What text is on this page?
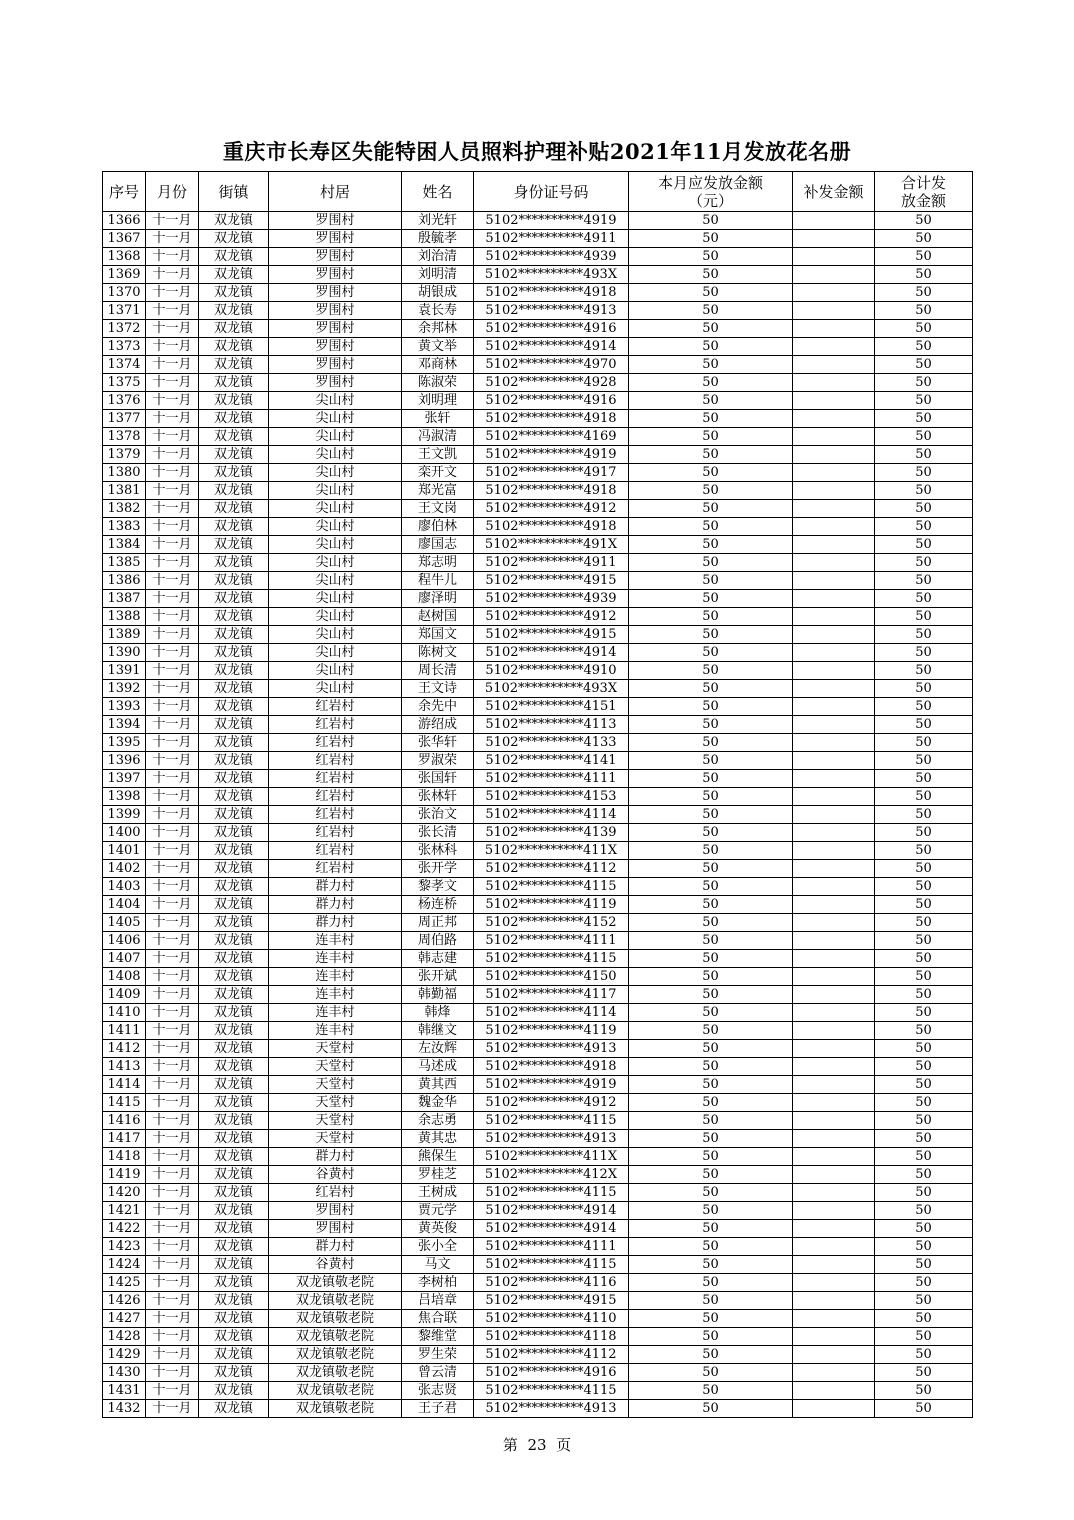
重庆市长寿区失能特困人员照料护理补贴2021年11月发放花名册
序号	月份	街镇	村居	姓名	身份证号码	本月应发放金额（元）	补发金额	合计发放金额
1366	十一月	双龙镇	罗围村	刘光轩	5102**********4919	50		50
1367	十一月	双龙镇	罗围村	殷毓孝	5102**********4911	50		50
1368	十一月	双龙镇	罗围村	刘治清	5102**********4939	50		50
1369	十一月	双龙镇	罗围村	刘明清	5102**********493X	50		50
1370	十一月	双龙镇	罗围村	胡银成	5102**********4918	50		50
1371	十一月	双龙镇	罗围村	袁长寿	5102**********4913	50		50
1372	十一月	双龙镇	罗围村	余邦林	5102**********4916	50		50
1373	十一月	双龙镇	罗围村	黄文举	5102**********4914	50		50
1374	十一月	双龙镇	罗围村	邓商林	5102**********4970	50		50
1375	十一月	双龙镇	罗围村	陈淑荣	5102**********4928	50		50
1376	十一月	双龙镇	尖山村	刘明理	5102**********4916	50		50
1377	十一月	双龙镇	尖山村	张轩	5102**********4918	50		50
1378	十一月	双龙镇	尖山村	冯淑清	5102**********4169	50		50
1379	十一月	双龙镇	尖山村	王文凯	5102**********4919	50		50
1380	十一月	双龙镇	尖山村	栾开文	5102**********4917	50		50
1381	十一月	双龙镇	尖山村	郑光富	5102**********4918	50		50
1382	十一月	双龙镇	尖山村	王文岗	5102**********4912	50		50
1383	十一月	双龙镇	尖山村	廖伯林	5102**********4918	50		50
1384	十一月	双龙镇	尖山村	廖国志	5102**********491X	50		50
1385	十一月	双龙镇	尖山村	郑志明	5102**********4911	50		50
1386	十一月	双龙镇	尖山村	程牛儿	5102**********4915	50		50
1387	十一月	双龙镇	尖山村	廖泽明	5102**********4939	50		50
1388	十一月	双龙镇	尖山村	赵树国	5102**********4912	50		50
1389	十一月	双龙镇	尖山村	郑国文	5102**********4915	50		50
1390	十一月	双龙镇	尖山村	陈树文	5102**********4914	50		50
1391	十一月	双龙镇	尖山村	周长清	5102**********4910	50		50
1392	十一月	双龙镇	尖山村	王文诗	5102**********493X	50		50
1393	十一月	双龙镇	红岩村	余先中	5102**********4151	50		50
1394	十一月	双龙镇	红岩村	游绍成	5102**********4113	50		50
1395	十一月	双龙镇	红岩村	张华轩	5102**********4133	50		50
1396	十一月	双龙镇	红岩村	罗淑荣	5102**********4141	50		50
1397	十一月	双龙镇	红岩村	张国轩	5102**********4111	50		50
1398	十一月	双龙镇	红岩村	张林轩	5102**********4153	50		50
1399	十一月	双龙镇	红岩村	张治文	5102**********4114	50		50
1400	十一月	双龙镇	红岩村	张长清	5102**********4139	50		50
1401	十一月	双龙镇	红岩村	张林科	5102**********411X	50		50
1402	十一月	双龙镇	红岩村	张开学	5102**********4112	50		50
1403	十一月	双龙镇	群力村	黎孝文	5102**********4115	50		50
1404	十一月	双龙镇	群力村	杨连桥	5102**********4119	50		50
1405	十一月	双龙镇	群力村	周正邦	5102**********4152	50		50
1406	十一月	双龙镇	连丰村	周伯路	5102**********4111	50		50
1407	十一月	双龙镇	连丰村	韩志建	5102**********4115	50		50
1408	十一月	双龙镇	连丰村	张开斌	5102**********4150	50		50
1409	十一月	双龙镇	连丰村	韩勤福	5102**********4117	50		50
1410	十一月	双龙镇	连丰村	韩烽	5102**********4114	50		50
1411	十一月	双龙镇	连丰村	韩继文	5102**********4119	50		50
1412	十一月	双龙镇	天堂村	左汝辉	5102**********4913	50		50
1413	十一月	双龙镇	天堂村	马述成	5102**********4918	50		50
1414	十一月	双龙镇	天堂村	黄其西	5102**********4919	50		50
1415	十一月	双龙镇	天堂村	魏金华	5102**********4912	50		50
1416	十一月	双龙镇	天堂村	余志勇	5102**********4115	50		50
1417	十一月	双龙镇	天堂村	黄其忠	5102**********4913	50		50
1418	十一月	双龙镇	群力村	熊保生	5102**********411X	50		50
1419	十一月	双龙镇	谷黄村	罗桂芝	5102**********412X	50		50
1420	十一月	双龙镇	红岩村	王树成	5102**********4115	50		50
1421	十一月	双龙镇	罗围村	贾元学	5102**********4914	50		50
1422	十一月	双龙镇	罗围村	黄英俊	5102**********4914	50		50
1423	十一月	双龙镇	群力村	张小全	5102**********4111	50		50
1424	十一月	双龙镇	谷黄村	马文	5102**********4115	50		50
1425	十一月	双龙镇	双龙镇敬老院	李树柏	5102**********4116	50		50
1426	十一月	双龙镇	双龙镇敬老院	吕培章	5102**********4915	50		50
1427	十一月	双龙镇	双龙镇敬老院	焦合联	5102**********4110	50		50
1428	十一月	双龙镇	双龙镇敬老院	黎维堂	5102**********4118	50		50
1429	十一月	双龙镇	双龙镇敬老院	罗生荣	5102**********4112	50		50
1430	十一月	双龙镇	双龙镇敬老院	曾云清	5102**********4916	50		50
1431	十一月	双龙镇	双龙镇敬老院	张志贤	5102**********4115	50		50
1432	十一月	双龙镇	双龙镇敬老院	王子君	5102**********4913	50		50
第  23  页
